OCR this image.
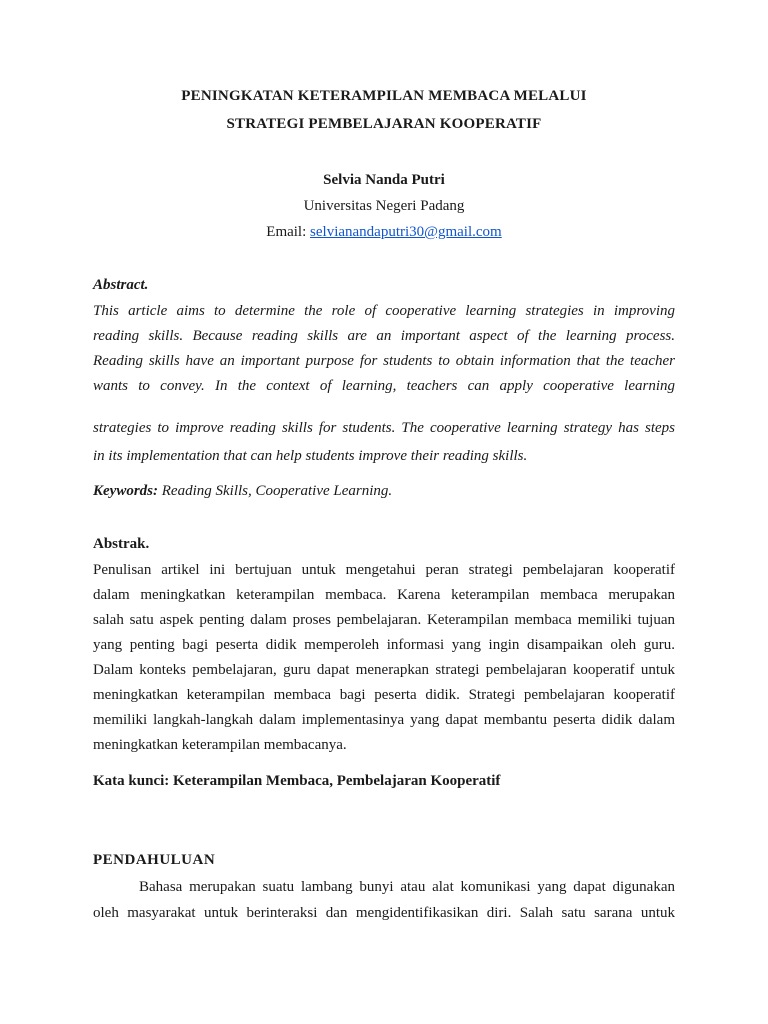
PENINGKATAN KETERAMPILAN MEMBACA MELALUI
STRATEGI PEMBELAJARAN KOOPERATIF
Selvia Nanda Putri
Universitas Negeri Padang
Email: selvianandaputri30@gmail.com
Abstract.
This article aims to determine the role of cooperative learning strategies in improving
reading skills. Because reading skills are an important aspect of the learning process.
Reading skills have an important purpose for students to obtain information that the teacher
wants to convey. In the context of learning, teachers can apply cooperative learning
strategies to improve reading skills for students. The cooperative learning strategy has steps
in its implementation that can help students improve their reading skills.
Keywords: Reading Skills, Cooperative Learning.
Abstrak.
Penulisan artikel ini bertujuan untuk mengetahui peran strategi pembelajaran kooperatif
dalam meningkatkan keterampilan membaca. Karena keterampilan membaca merupakan
salah satu aspek penting dalam proses pembelajaran. Keterampilan membaca memiliki tujuan
yang penting bagi peserta didik memperoleh informasi yang ingin disampaikan oleh guru.
Dalam konteks pembelajaran, guru dapat menerapkan strategi pembelajaran kooperatif untuk
meningkatkan keterampilan membaca bagi peserta didik. Strategi pembelajaran kooperatif
memiliki langkah-langkah dalam implementasinya yang dapat membantu peserta didik dalam
meningkatkan keterampilan membacanya.
Kata kunci: Keterampilan Membaca, Pembelajaran Kooperatif
PENDAHULUAN
Bahasa merupakan suatu lambang bunyi atau alat komunikasi yang dapat digunakan
oleh masyarakat untuk berinteraksi dan mengidentifikasikan diri. Salah satu sarana untuk
